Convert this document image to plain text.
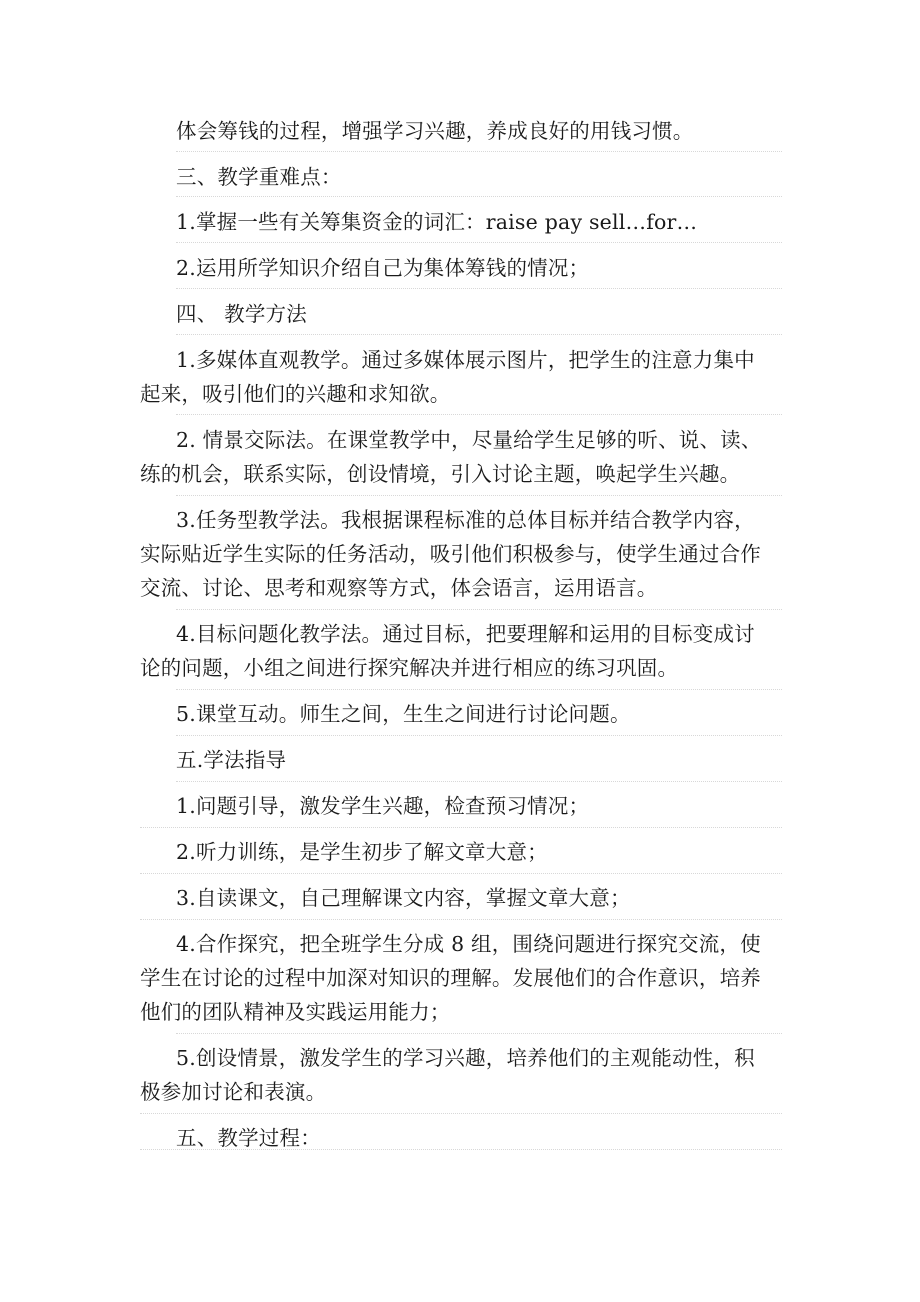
体会筹钱的过程，增强学习兴趣，养成良好的用钱习惯。
三、教学重难点：
1.掌握一些有关筹集资金的词汇：raise pay sell…for…
2.运用所学知识介绍自己为集体筹钱的情况；
四、 教学方法
1.多媒体直观教学。通过多媒体展示图片，把学生的注意力集中
起来，吸引他们的兴趣和求知欲。
2. 情景交际法。在课堂教学中，尽量给学生足够的听、说、读、
练的机会，联系实际，创设情境，引入讨论主题，唤起学生兴趣。
3.任务型教学法。我根据课程标准的总体目标并结合教学内容，
实际贴近学生实际的任务活动，吸引他们积极参与，使学生通过合作
交流、讨论、思考和观察等方式，体会语言，运用语言。
4.目标问题化教学法。通过目标，把要理解和运用的目标变成讨
论的问题，小组之间进行探究解决并进行相应的练习巩固。
5.课堂互动。师生之间，生生之间进行讨论问题。
五.学法指导
1.问题引导，激发学生兴趣，检查预习情况；
2.听力训练，是学生初步了解文章大意；
3.自读课文，自己理解课文内容，掌握文章大意；
4.合作探究，把全班学生分成 8 组，围绕问题进行探究交流，使
学生在讨论的过程中加深对知识的理解。发展他们的合作意识，培养
他们的团队精神及实践运用能力；
5.创设情景，激发学生的学习兴趣，培养他们的主观能动性，积
极参加讨论和表演。
五、教学过程：
